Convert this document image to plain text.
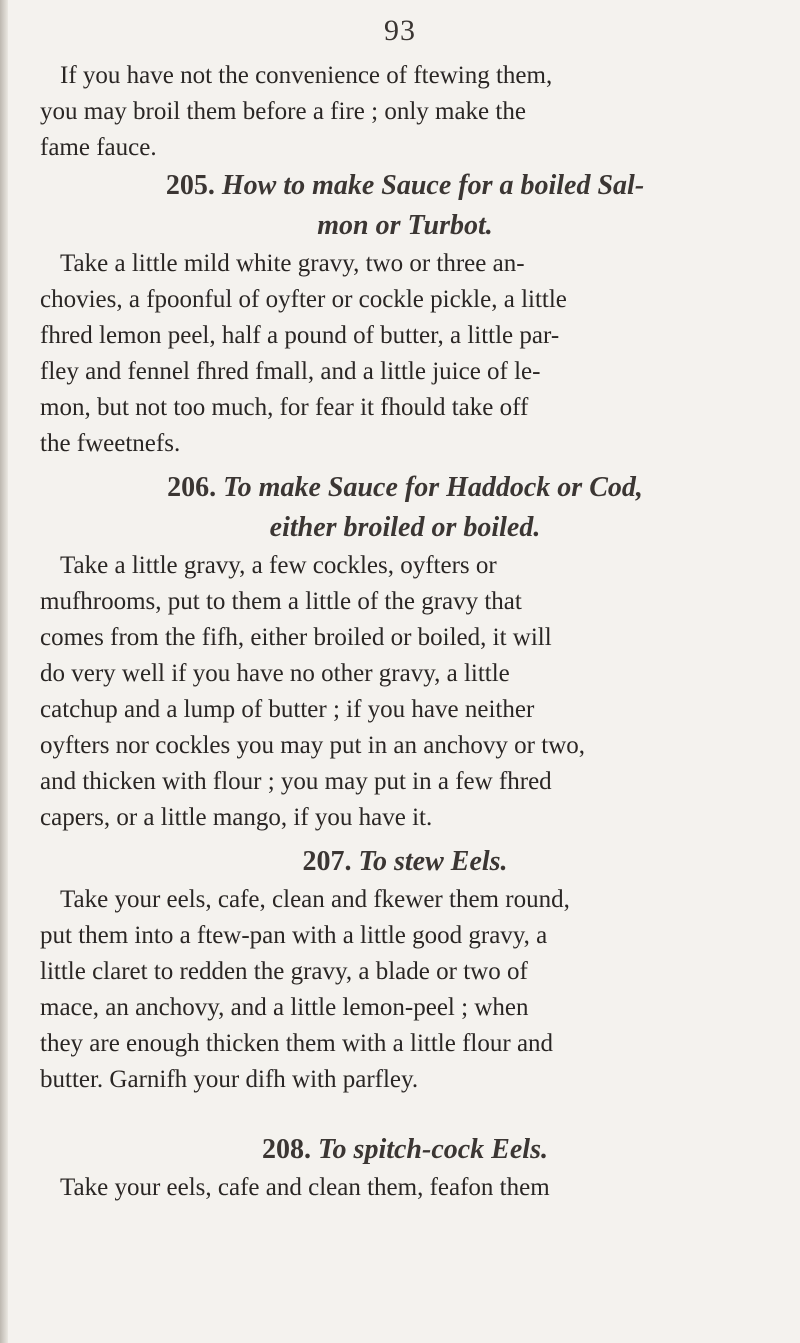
93

If you have not the convenience of ftewing them,
you may broil them before a fire ; only make the
fame fauce.

205. How to make Sauce for a boiled Sal-
mon or Turbot.

Take a little mild white gravy, two or three an-
chovies, a fpoonful of oyfter or cockle pickle, a little
fhred lemon peel, half a pound of butter, a little par-
fley and fennel fhred fmall, and a little juice of le-
mon, but not too much, for fear it fhould take off
the fweetnefs.

206. To make Sauce for Haddock or Cod,
either broiled or boiled.

Take a little gravy, a few cockles, oyfters or
mufhrooms, put to them a little of the gravy that
comes from the fifh, either broiled or boiled, it will
do very well if you have no other gravy, a little
catchup and a lump of butter ; if you have neither
oyfters nor cockles you may put in an anchovy or two,
and thicken with flour ; you may put in a few fhred
capers, or a little mango, if you have it.

207. To stew Eels.

Take your eels, cafe, clean and fkewer them round,
put them into a ftew-pan with a little good gravy, a
little claret to redden the gravy, a blade or two of
mace, an anchovy, and a little lemon-peel ; when
they are enough thicken them with a little flour and
butter. Garnifh your difh with parfley.

208. To spitch-cock Eels.

Take your eels, cafe and clean them, feafon them
